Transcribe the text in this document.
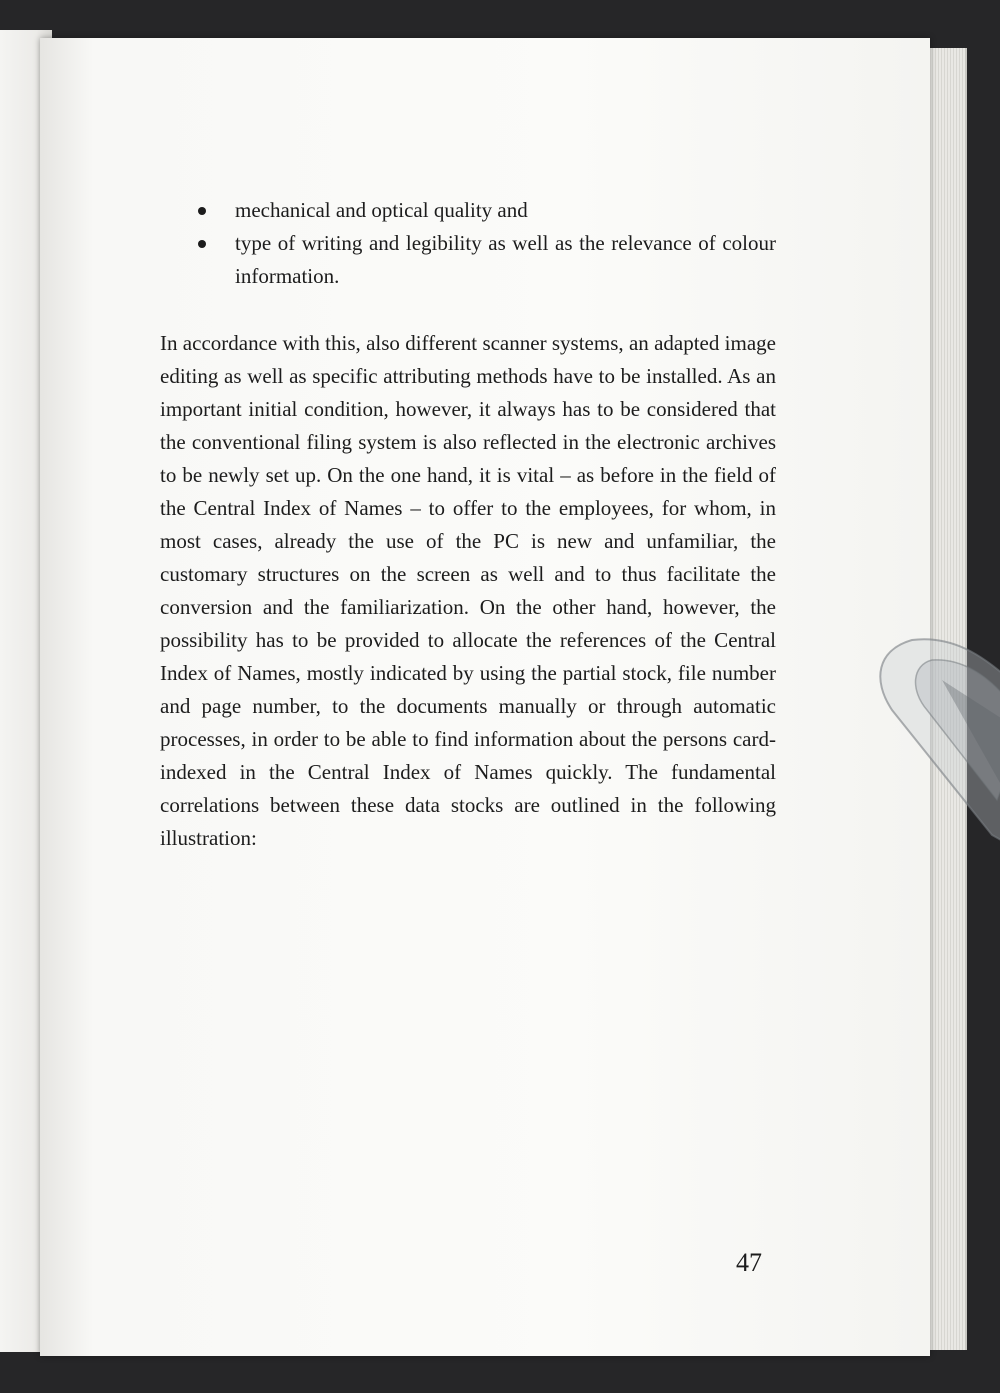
mechanical and optical quality and
type of writing and legibility as well as the relevance of colour information.

In accordance with this, also different scanner systems, an adapted image editing as well as specific attributing methods have to be installed. As an important initial condition, however, it always has to be considered that the conventional filing system is also reflected in the electronic archives to be newly set up. On the one hand, it is vital – as before in the field of the Central Index of Names – to offer to the employees, for whom, in most cases, already the use of the PC is new and unfamiliar, the customary structures on the screen as well and to thus facilitate the conversion and the familiarization. On the other hand, however, the possibility has to be provided to allocate the references of the Central Index of Names, mostly indicated by using the partial stock, file number and page number, to the documents manually or through automatic processes, in order to be able to find information about the persons card-indexed in the Central Index of Names quickly. The fundamental correlations between these data stocks are outlined in the following illustration:

47
